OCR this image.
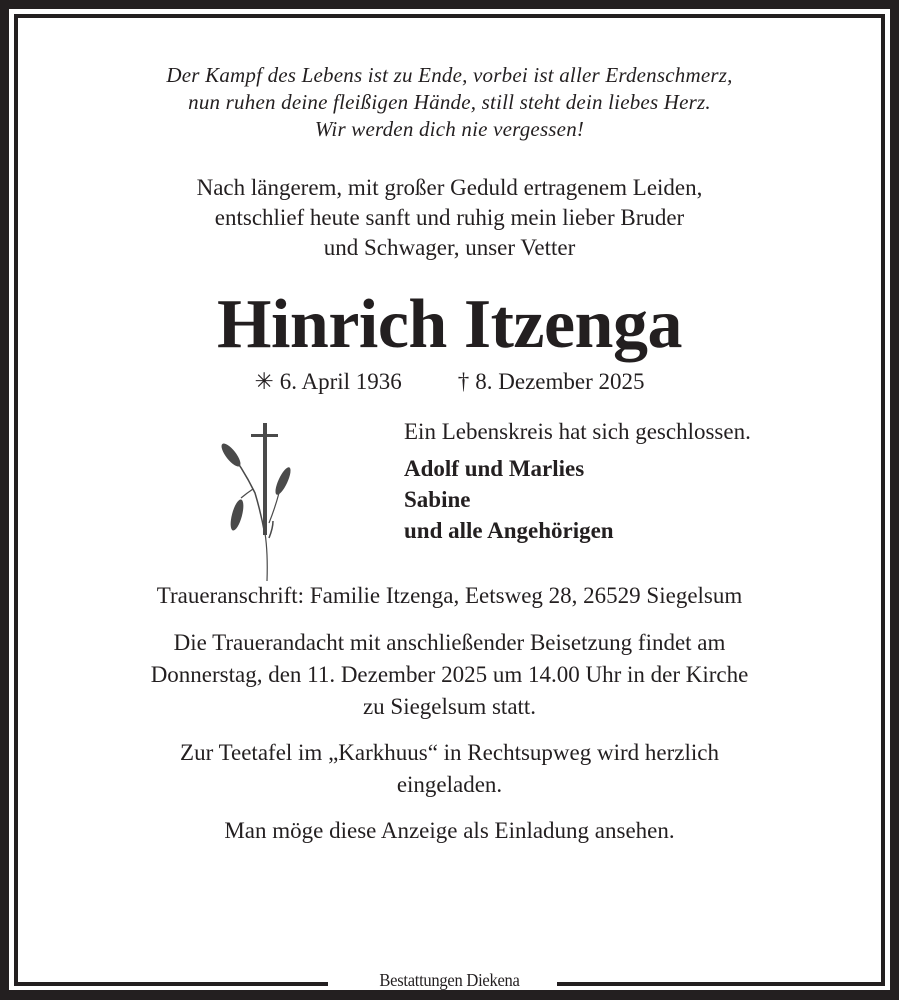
Der Kampf des Lebens ist zu Ende, vorbei ist aller Erdenschmerz,
nun ruhen deine fleißigen Hände, still steht dein liebes Herz.
Wir werden dich nie vergessen!
Nach längerem, mit großer Geduld ertragenem Leiden,
entschlief heute sanft und ruhig mein lieber Bruder
und Schwager, unser Vetter
Hinrich Itzenga
✳ 6. April 1936 † 8. Dezember 2025
Ein Lebenskreis hat sich geschlossen.
Adolf und Marlies
Sabine
und alle Angehörigen
Traueranschrift: Familie Itzenga, Eetsweg 28, 26529 Siegelsum
Die Trauerandacht mit anschließender Beisetzung findet am
Donnerstag, den 11. Dezember 2025 um 14.00 Uhr in der Kirche
zu Siegelsum statt.
Zur Teetafel im „Karkhuus“ in Rechtsupweg wird herzlich
eingeladen.
Man möge diese Anzeige als Einladung ansehen.
Bestattungen Diekena
